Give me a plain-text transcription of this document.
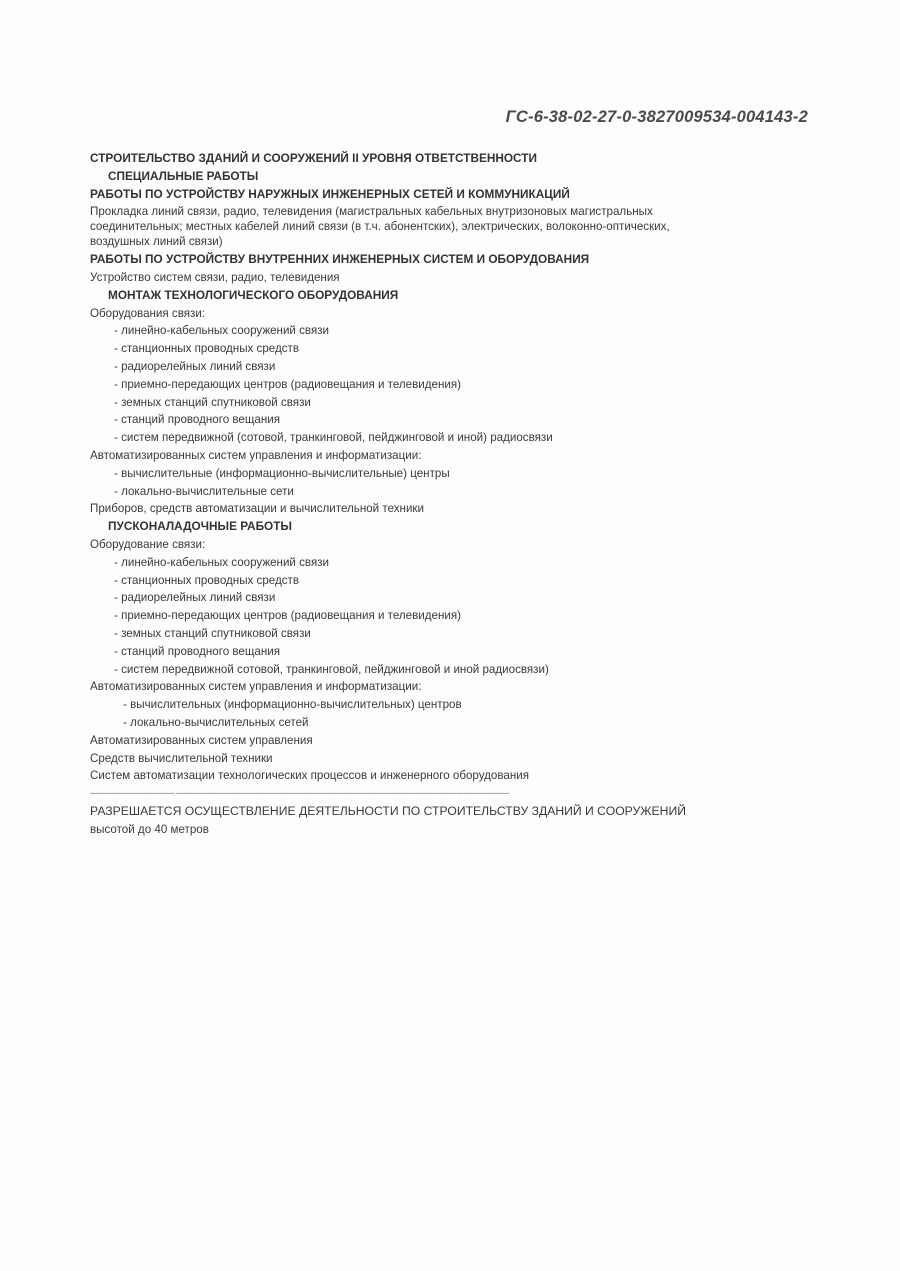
ГС-6-38-02-27-0-3827009534-004143-2
СТРОИТЕЛЬСТВО ЗДАНИЙ И СООРУЖЕНИЙ II УРОВНЯ ОТВЕТСТВЕННОСТИ
СПЕЦИАЛЬНЫЕ РАБОТЫ
РАБОТЫ ПО УСТРОЙСТВУ НАРУЖНЫХ ИНЖЕНЕРНЫХ СЕТЕЙ И КОММУНИКАЦИЙ
Прокладка линий связи, радио, телевидения (магистральных кабельных внутризоновых магистральных
соединительных; местных кабелей линий связи (в т.ч. абонентских), электрических, волоконно-оптических,
воздушных линий связи)
РАБОТЫ ПО УСТРОЙСТВУ ВНУТРЕННИХ ИНЖЕНЕРНЫХ СИСТЕМ И ОБОРУДОВАНИЯ
Устройство систем связи, радио, телевидения
МОНТАЖ ТЕХНОЛОГИЧЕСКОГО ОБОРУДОВАНИЯ
Оборудования связи:
- линейно-кабельных сооружений связи
- станционных проводных средств
- радиорелейных линий связи
- приемно-передающих центров (радиовещания и телевидения)
- земных станций спутниковой связи
- станций проводного вещания
- систем передвижной (сотовой, транкинговой, пейджинговой и иной) радиосвязи
Автоматизированных систем управления и информатизации:
- вычислительные (информационно-вычислительные) центры
- локально-вычислительные сети
Приборов, средств автоматизации и вычислительной техники
ПУСКОНАЛАДОЧНЫЕ РАБОТЫ
Оборудование связи:
- линейно-кабельных сооружений связи
- станционных проводных средств
- радиорелейных линий связи
- приемно-передающих центров (радиовещания и телевидения)
- земных станций спутниковой связи
- станций проводного вещания
- систем передвижной сотовой, транкинговой, пейджинговой и иной радиосвязи)
Автоматизированных систем управления и информатизации:
- вычислительных (информационно-вычислительных) центров
- локально-вычислительных сетей
Автоматизированных систем управления
Средств вычислительной техники
Систем автоматизации технологических процессов и инженерного оборудования
----------------------------------- -------------------------------------------------------------------------------------------------------------------------------------------
РАЗРЕШАЕТСЯ ОСУЩЕСТВЛЕНИЕ ДЕЯТЕЛЬНОСТИ ПО СТРОИТЕЛЬСТВУ ЗДАНИЙ И СООРУЖЕНИЙ
высотой до 40 метров
